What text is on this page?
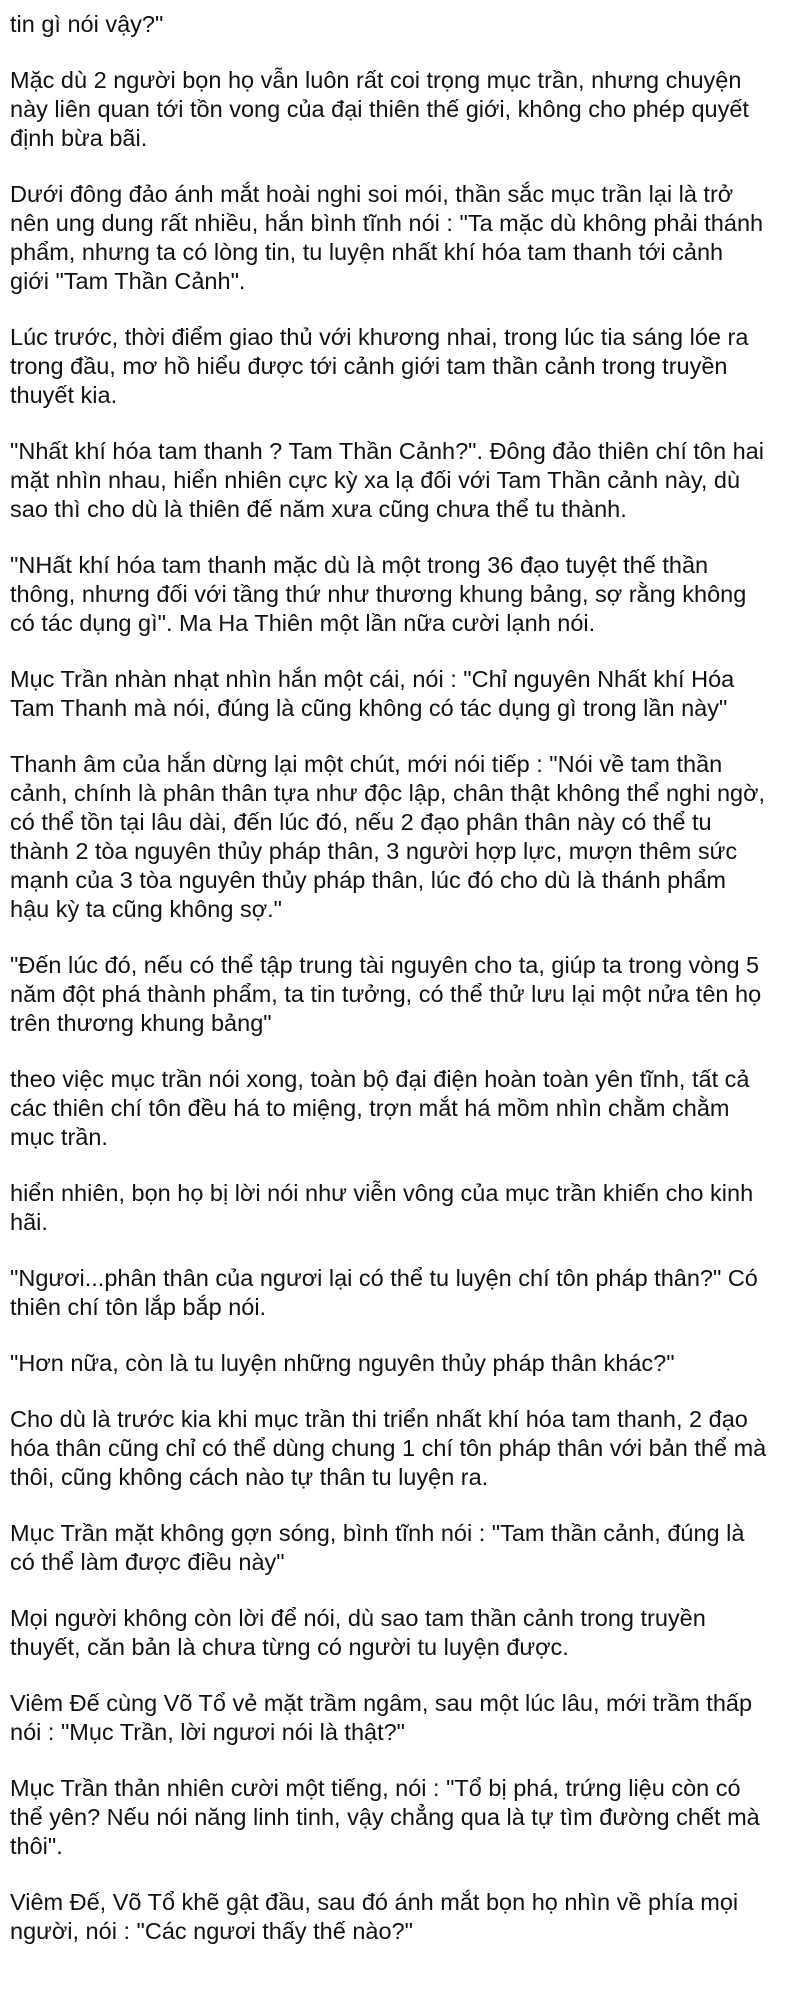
tin gì nói vậy?"

Mặc dù 2 người bọn họ vẫn luôn rất coi trọng mục trần, nhưng chuyện
này liên quan tới tồn vong của đại thiên thế giới, không cho phép quyết
định bừa bãi.

Dưới đông đảo ánh mắt hoài nghi soi mói, thần sắc mục trần lại là trở
nên ung dung rất nhiều, hắn bình tĩnh nói : "Ta mặc dù không phải thánh
phẩm, nhưng ta có lòng tin, tu luyện nhất khí hóa tam thanh tới cảnh
giới "Tam Thần Cảnh".

Lúc trước, thời điểm giao thủ với khương nhai, trong lúc tia sáng lóe ra
trong đầu, mơ hồ hiểu được tới cảnh giới tam thần cảnh trong truyền
thuyết kia.

"Nhất khí hóa tam thanh ? Tam Thần Cảnh?". Đông đảo thiên chí tôn hai
mặt nhìn nhau, hiển nhiên cực kỳ xa lạ đối với Tam Thần cảnh này, dù
sao thì cho dù là thiên đế năm xưa cũng chưa thể tu thành.

"NHất khí hóa tam thanh mặc dù là một trong 36 đạo tuyệt thế thần
thông, nhưng đối với tầng thứ như thương khung bảng, sợ rằng không
có tác dụng gì". Ma Ha Thiên một lần nữa cười lạnh nói.

Mục Trần nhàn nhạt nhìn hắn một cái, nói : "Chỉ nguyên Nhất khí Hóa
Tam Thanh mà nói, đúng là cũng không có tác dụng gì trong lần này"

Thanh âm của hắn dừng lại một chút, mới nói tiếp : "Nói về tam thần
cảnh, chính là phân thân tựa như độc lập, chân thật không thể nghi ngờ,
có thể tồn tại lâu dài, đến lúc đó, nếu 2 đạo phân thân này có thể tu
thành 2 tòa nguyên thủy pháp thân, 3 người hợp lực, mượn thêm sức
mạnh của 3 tòa nguyên thủy pháp thân, lúc đó cho dù là thánh phẩm
hậu kỳ ta cũng không sợ."

"Đến lúc đó, nếu có thể tập trung tài nguyên cho ta, giúp ta trong vòng 5
năm đột phá thành phẩm, ta tin tưởng, có thể thử lưu lại một nửa tên họ
trên thương khung bảng"

theo việc mục trần nói xong, toàn bộ đại điện hoàn toàn yên tĩnh, tất cả
các thiên chí tôn đều há to miệng, trợn mắt há mồm nhìn chằm chằm
mục trần.

hiển nhiên, bọn họ bị lời nói như viễn vông của mục trần khiến cho kinh
hãi.

"Ngươi...phân thân của ngươi lại có thể tu luyện chí tôn pháp thân?" Có
thiên chí tôn lắp bắp nói.

"Hơn nữa, còn là tu luyện những nguyên thủy pháp thân khác?"

Cho dù là trước kia khi mục trần thi triển nhất khí hóa tam thanh, 2 đạo
hóa thân cũng chỉ có thể dùng chung 1 chí tôn pháp thân với bản thể mà
thôi, cũng không cách nào tự thân tu luyện ra.

Mục Trần mặt không gợn sóng, bình tĩnh nói : "Tam thần cảnh, đúng là
có thể làm được điều này"

Mọi người không còn lời để nói, dù sao tam thần cảnh trong truyền
thuyết, căn bản là chưa từng có người tu luyện được.

Viêm Đế cùng Võ Tổ vẻ mặt trầm ngâm, sau một lúc lâu, mới trầm thấp
nói : "Mục Trần, lời ngươi nói là thật?"

Mục Trần thản nhiên cười một tiếng, nói : "Tổ bị phá, trứng liệu còn có
thể yên? Nếu nói năng linh tinh, vậy chẳng qua là tự tìm đường chết mà
thôi".

Viêm Đế, Võ Tổ khẽ gật đầu, sau đó ánh mắt bọn họ nhìn về phía mọi
người, nói : "Các ngươi thấy thế nào?"
